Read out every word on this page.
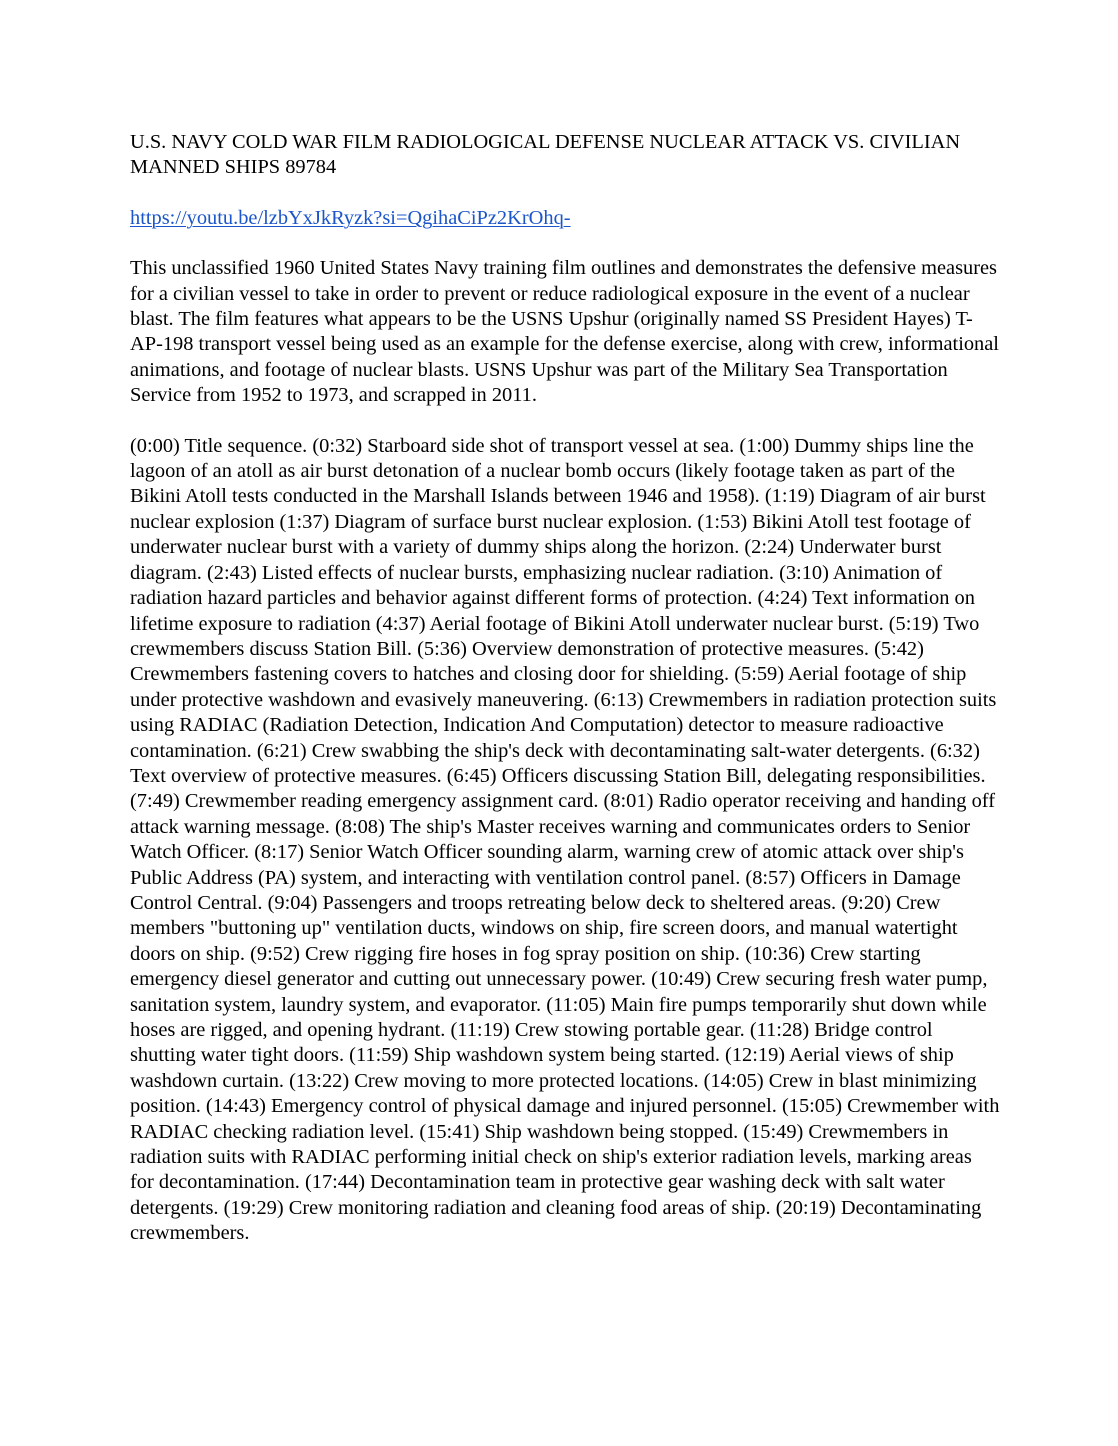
U.S. NAVY COLD WAR FILM RADIOLOGICAL DEFENSE NUCLEAR ATTACK VS. CIVILIAN MANNED SHIPS 89784

https://youtu.be/lzbYxJkRyzk?si=QgihaCiPz2KrOhq-

This unclassified 1960 United States Navy training film outlines and demonstrates the defensive measures for a civilian vessel to take in order to prevent or reduce radiological exposure in the event of a nuclear blast. The film features what appears to be the USNS Upshur (originally named SS President Hayes) T-AP-198 transport vessel being used as an example for the defense exercise, along with crew, informational animations, and footage of nuclear blasts. USNS Upshur was part of the Military Sea Transportation Service from 1952 to 1973, and scrapped in 2011.

(0:00) Title sequence. (0:32) Starboard side shot of transport vessel at sea. (1:00) Dummy ships line the lagoon of an atoll as air burst detonation of a nuclear bomb occurs (likely footage taken as part of the Bikini Atoll tests conducted in the Marshall Islands between 1946 and 1958). (1:19) Diagram of air burst nuclear explosion (1:37) Diagram of surface burst nuclear explosion. (1:53) Bikini Atoll test footage of underwater nuclear burst with a variety of dummy ships along the horizon. (2:24) Underwater burst diagram. (2:43) Listed effects of nuclear bursts, emphasizing nuclear radiation. (3:10) Animation of radiation hazard particles and behavior against different forms of protection. (4:24) Text information on lifetime exposure to radiation (4:37) Aerial footage of Bikini Atoll underwater nuclear burst. (5:19) Two crewmembers discuss Station Bill. (5:36) Overview demonstration of protective measures. (5:42) Crewmembers fastening covers to hatches and closing door for shielding. (5:59) Aerial footage of ship under protective washdown and evasively maneuvering. (6:13) Crewmembers in radiation protection suits using RADIAC (Radiation Detection, Indication And Computation) detector to measure radioactive contamination. (6:21) Crew swabbing the ship's deck with decontaminating salt-water detergents. (6:32) Text overview of protective measures. (6:45) Officers discussing Station Bill, delegating responsibilities. (7:49) Crewmember reading emergency assignment card. (8:01) Radio operator receiving and handing off attack warning message. (8:08) The ship's Master receives warning and communicates orders to Senior Watch Officer. (8:17) Senior Watch Officer sounding alarm, warning crew of atomic attack over ship's Public Address (PA) system, and interacting with ventilation control panel. (8:57) Officers in Damage Control Central. (9:04) Passengers and troops retreating below deck to sheltered areas. (9:20) Crew members "buttoning up" ventilation ducts, windows on ship, fire screen doors, and manual watertight doors on ship. (9:52) Crew rigging fire hoses in fog spray position on ship. (10:36) Crew starting emergency diesel generator and cutting out unnecessary power. (10:49) Crew securing fresh water pump, sanitation system, laundry system, and evaporator. (11:05) Main fire pumps temporarily shut down while hoses are rigged, and opening hydrant. (11:19) Crew stowing portable gear. (11:28) Bridge control shutting water tight doors. (11:59) Ship washdown system being started. (12:19) Aerial views of ship washdown curtain. (13:22) Crew moving to more protected locations. (14:05) Crew in blast minimizing position. (14:43) Emergency control of physical damage and injured personnel. (15:05) Crewmember with RADIAC checking radiation level. (15:41) Ship washdown being stopped. (15:49) Crewmembers in radiation suits with RADIAC performing initial check on ship's exterior radiation levels, marking areas for decontamination. (17:44) Decontamination team in protective gear washing deck with salt water detergents. (19:29) Crew monitoring radiation and cleaning food areas of ship. (20:19) Decontaminating crewmembers.
